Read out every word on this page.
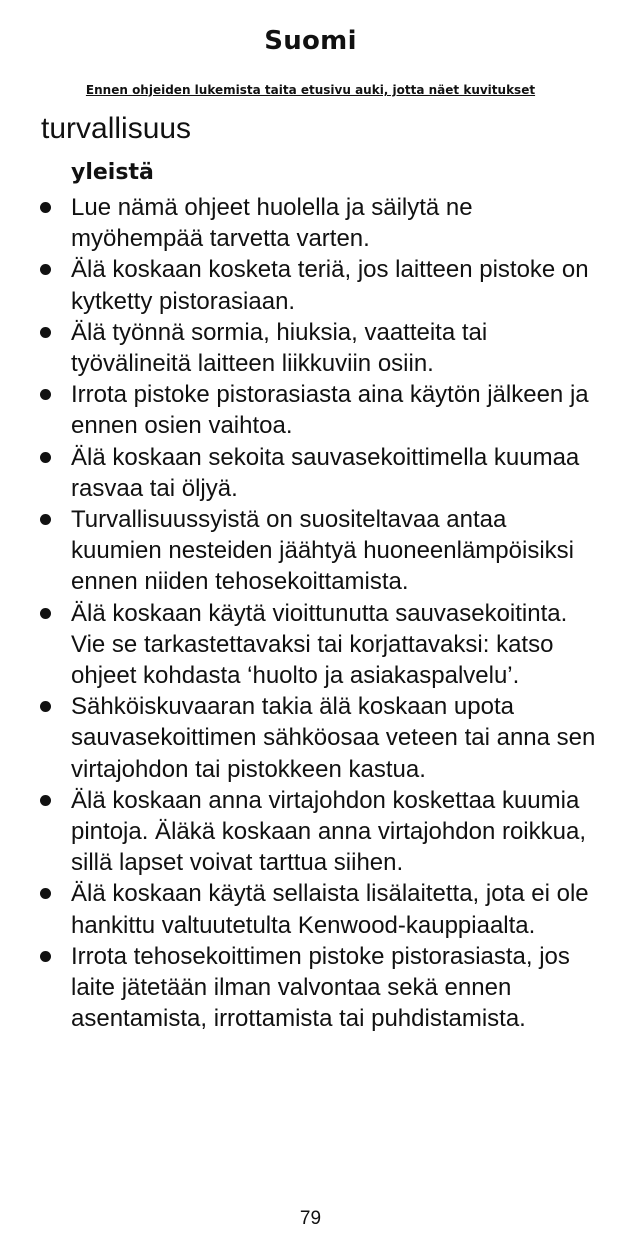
Suomi
Ennen ohjeiden lukemista taita etusivu auki, jotta näet kuvitukset
turvallisuus
yleistä
Lue nämä ohjeet huolella ja säilytä ne myöhempää tarvetta varten.
Älä koskaan kosketa teriä, jos laitteen pistoke on kytketty pistorasiaan.
Älä työnnä sormia, hiuksia, vaatteita tai työvälineitä laitteen liikkuviin osiin.
Irrota pistoke pistorasiasta aina käytön jälkeen ja ennen osien vaihtoa.
Älä koskaan sekoita sauvasekoittimella kuumaa rasvaa tai öljyä.
Turvallisuussyistä on suositeltavaa antaa kuumien nesteiden jäähtyä huoneenlämpöisiksi ennen niiden tehosekoittamista.
Älä koskaan käytä vioittunutta sauvasekoitinta. Vie se tarkastettavaksi tai korjattavaksi: katso ohjeet kohdasta ‘huolto ja asiakaspalvelu’.
Sähköiskuvaaran takia älä koskaan upota sauvasekoittimen sähköosaa veteen tai anna sen virtajohdon tai pistokkeen kastua.
Älä koskaan anna virtajohdon koskettaa kuumia pintoja. Äläkä koskaan anna virtajohdon roikkua, sillä lapset voivat tarttua siihen.
Älä koskaan käytä sellaista lisälaitetta, jota ei ole hankittu valtuutetulta Kenwood-kauppiaalta.
Irrota tehosekoittimen pistoke pistorasiasta, jos laite jätetään ilman valvontaa sekä ennen asentamista, irrottamista tai puhdistamista.
79
